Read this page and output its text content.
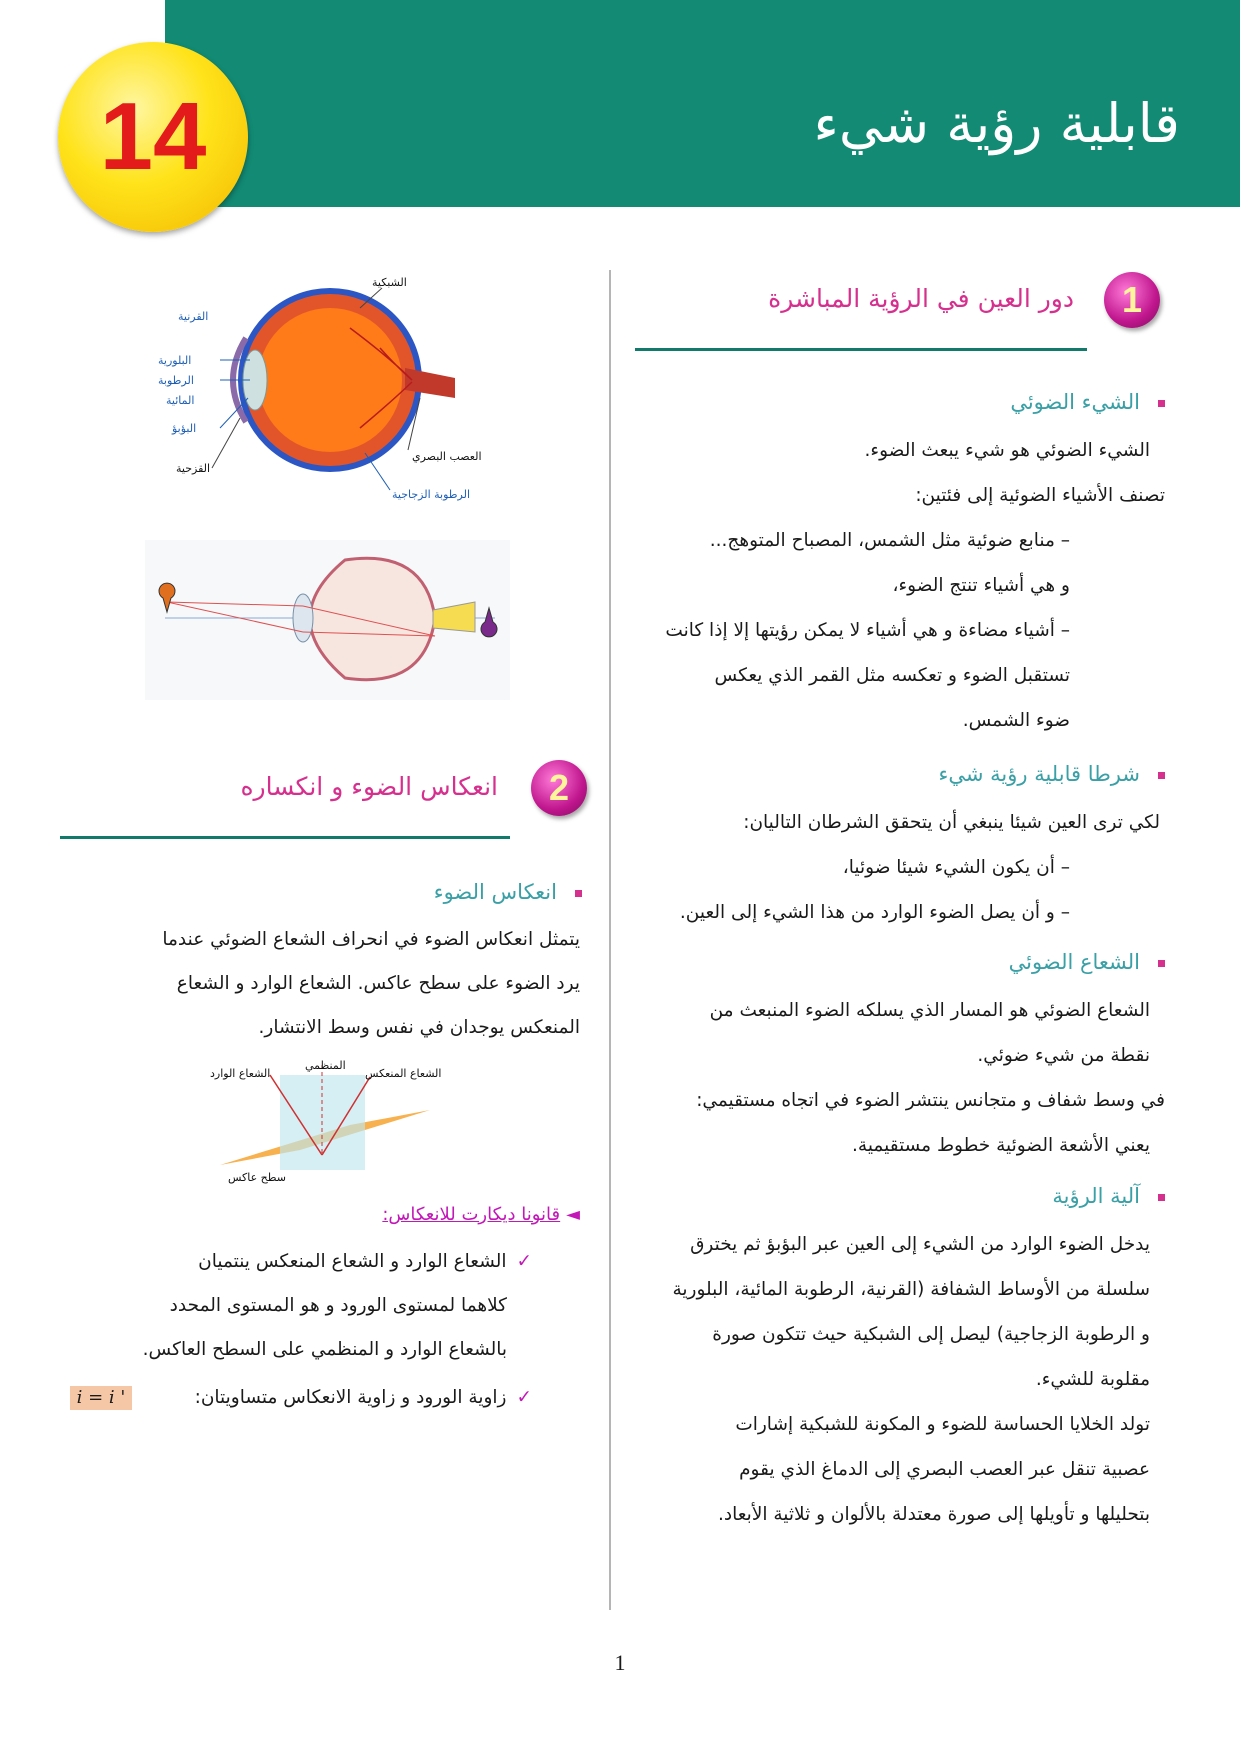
قابلية رؤية شيء
14
1
دور العين في الرؤية المباشرة
الشيء الضوئي
الشيء الضوئي هو شيء يبعث الضوء.
تصنف الأشياء الضوئية إلى فئتين:
– منابع ضوئية مثل الشمس، المصباح المتوهج...
و هي أشياء تنتج الضوء،
– أشياء مضاءة و هي أشياء لا يمكن رؤيتها إلا إذا كانت
تستقبل الضوء و تعكسه مثل القمر الذي يعكس
ضوء الشمس.
شرطا قابلية رؤية شيء
لكي ترى العين شيئا ينبغي أن يتحقق الشرطان التاليان:
– أن يكون الشيء شيئا ضوئيا،
– و أن يصل الضوء الوارد من هذا الشيء إلى العين.
الشعاع الضوئي
الشعاع الضوئي هو المسار الذي يسلكه الضوء المنبعث من
نقطة من شيء ضوئي.
في وسط شفاف و متجانس ينتشر الضوء في اتجاه مستقيمي:
يعني الأشعة الضوئية خطوط مستقيمية.
آلية الرؤية
يدخل الضوء الوارد من الشيء إلى العين عبر البؤبؤ ثم يخترق
سلسلة من الأوساط الشفافة (القرنية، الرطوبة المائية، البلورية
و الرطوبة الزجاجية) ليصل إلى الشبكية حيث تتكون صورة
مقلوبة للشيء.
تولد الخلايا الحساسة للضوء و المكونة للشبكية إشارات
عصبية تنقل عبر العصب البصري إلى الدماغ الذي يقوم
بتحليلها و تأويلها إلى صورة معتدلة بالألوان و ثلاثية الأبعاد.
الشبكية
القرنية
البلورية
الرطوبة
المائية
البؤبؤ
القزحية
العصب البصري
الرطوبة الزجاجية
2
انعكاس الضوء و انكساره
انعكاس الضوء
يتمثل انعكاس الضوء في انحراف الشعاع الضوئي عندما
يرد الضوء على سطح عاكس. الشعاع الوارد و الشعاع
المنعكس يوجدان في نفس وسط الانتشار.
الشعاع الوارد
المنظمي
الشعاع المنعكس
سطح عاكس
◄قانونا ديكارت للانعكاس:
✓الشعاع الوارد و الشعاع المنعكس ينتميان
كلاهما لمستوى الورود و هو المستوى المحدد
بالشعاع الوارد و المنظمي على السطح العاكس.
✓زاوية الورود و زاوية الانعكاس متساويتان:
i = i '
1
